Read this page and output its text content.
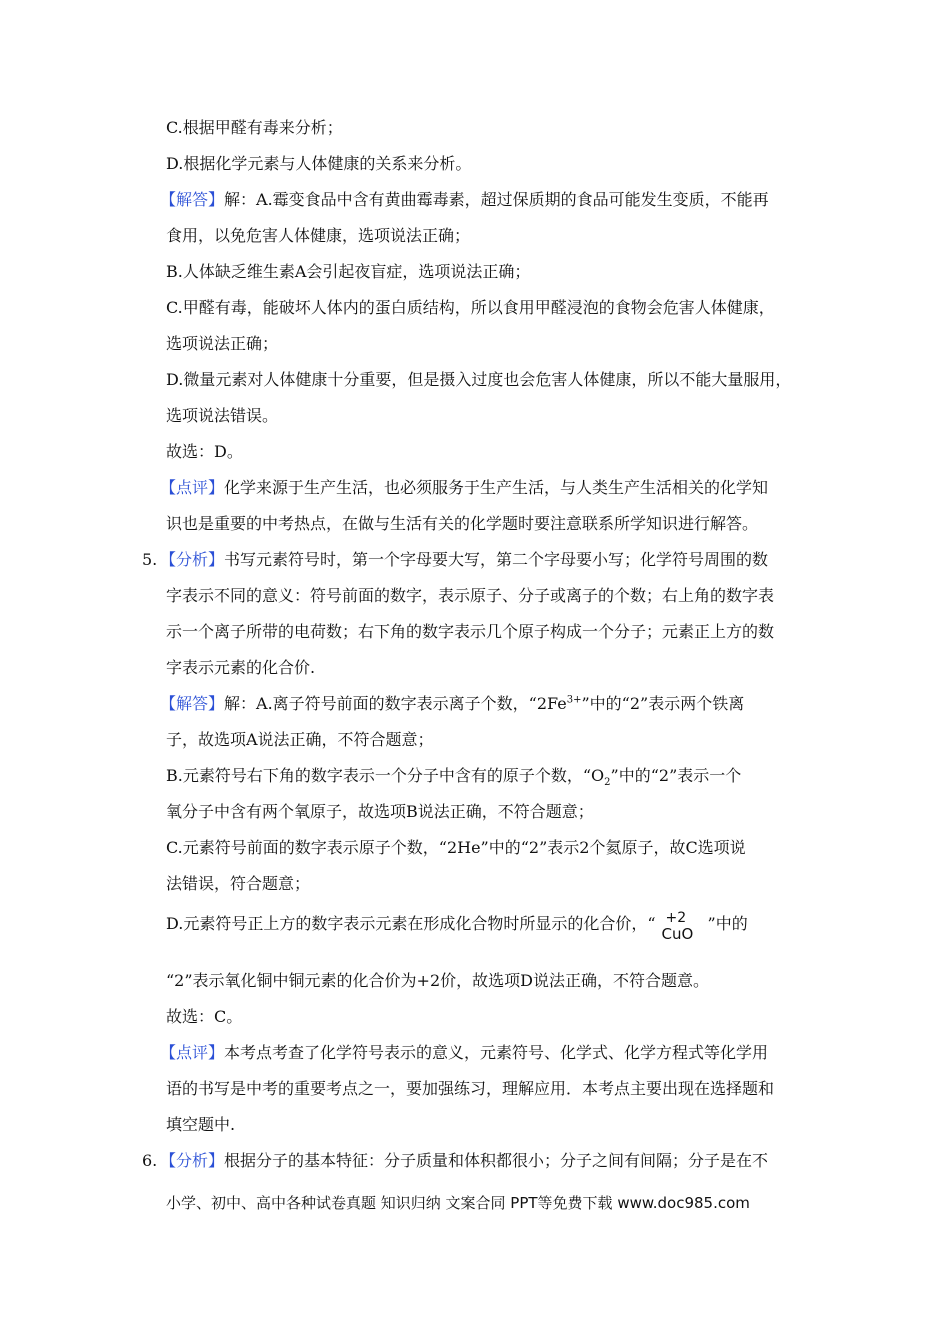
C.根据甲醛有毒来分析；
D.根据化学元素与人体健康的关系来分析。
【解答】解：A.霉变食品中含有黄曲霉毒素，超过保质期的食品可能发生变质，不能再
食用，以免危害人体健康，选项说法正确；
B.人体缺乏维生素A会引起夜盲症，选项说法正确；
C.甲醛有毒，能破坏人体内的蛋白质结构，所以食用甲醛浸泡的食物会危害人体健康，
选项说法正确；
D.微量元素对人体健康十分重要，但是摄入过度也会危害人体健康，所以不能大量服用，
选项说法错误。
故选：D。
【点评】化学来源于生产生活，也必须服务于生产生活，与人类生产生活相关的化学知
识也是重要的中考热点，在做与生活有关的化学题时要注意联系所学知识进行解答。
5. 【分析】书写元素符号时，第一个字母要大写，第二个字母要小写；化学符号周围的数
字表示不同的意义：符号前面的数字，表示原子、分子或离子的个数；右上角的数字表
示一个离子所带的电荷数；右下角的数字表示几个原子构成一个分子；元素正上方的数
字表示元素的化合价.
【解答】解：A.离子符号前面的数字表示离子个数，“$2Fe^{3+}$”中的“2”表示两个铁离
子，故选项A说法正确，不符合题意；
B.元素符号右下角的数字表示一个分子中含有的原子个数，“$O_2$”中的“2”表示一个
氧分子中含有两个氧原子，故选项B说法正确，不符合题意；
C.元素符号前面的数字表示原子个数，“2He”中的“2”表示2个氦原子，故C选项说
法错误，符合题意；
D.元素符号正上方的数字表示元素在形成化合物时所显示的化合价，“ +2
CuO
”中的
“2”表示氧化铜中铜元素的化合价为+2价，故选项D说法正确，不符合题意。
故选：C。
【点评】本考点考查了化学符号表示的意义，元素符号、化学式、化学方程式等化学用
语的书写是中考的重要考点之一，要加强练习，理解应用．本考点主要出现在选择题和
填空题中.
6. 【分析】根据分子的基本特征：分子质量和体积都很小；分子之间有间隔；分子是在不
小学、初中、高中各种试卷真题 知识归纳 文案合同 PPT等免费下载 www.doc985.com
